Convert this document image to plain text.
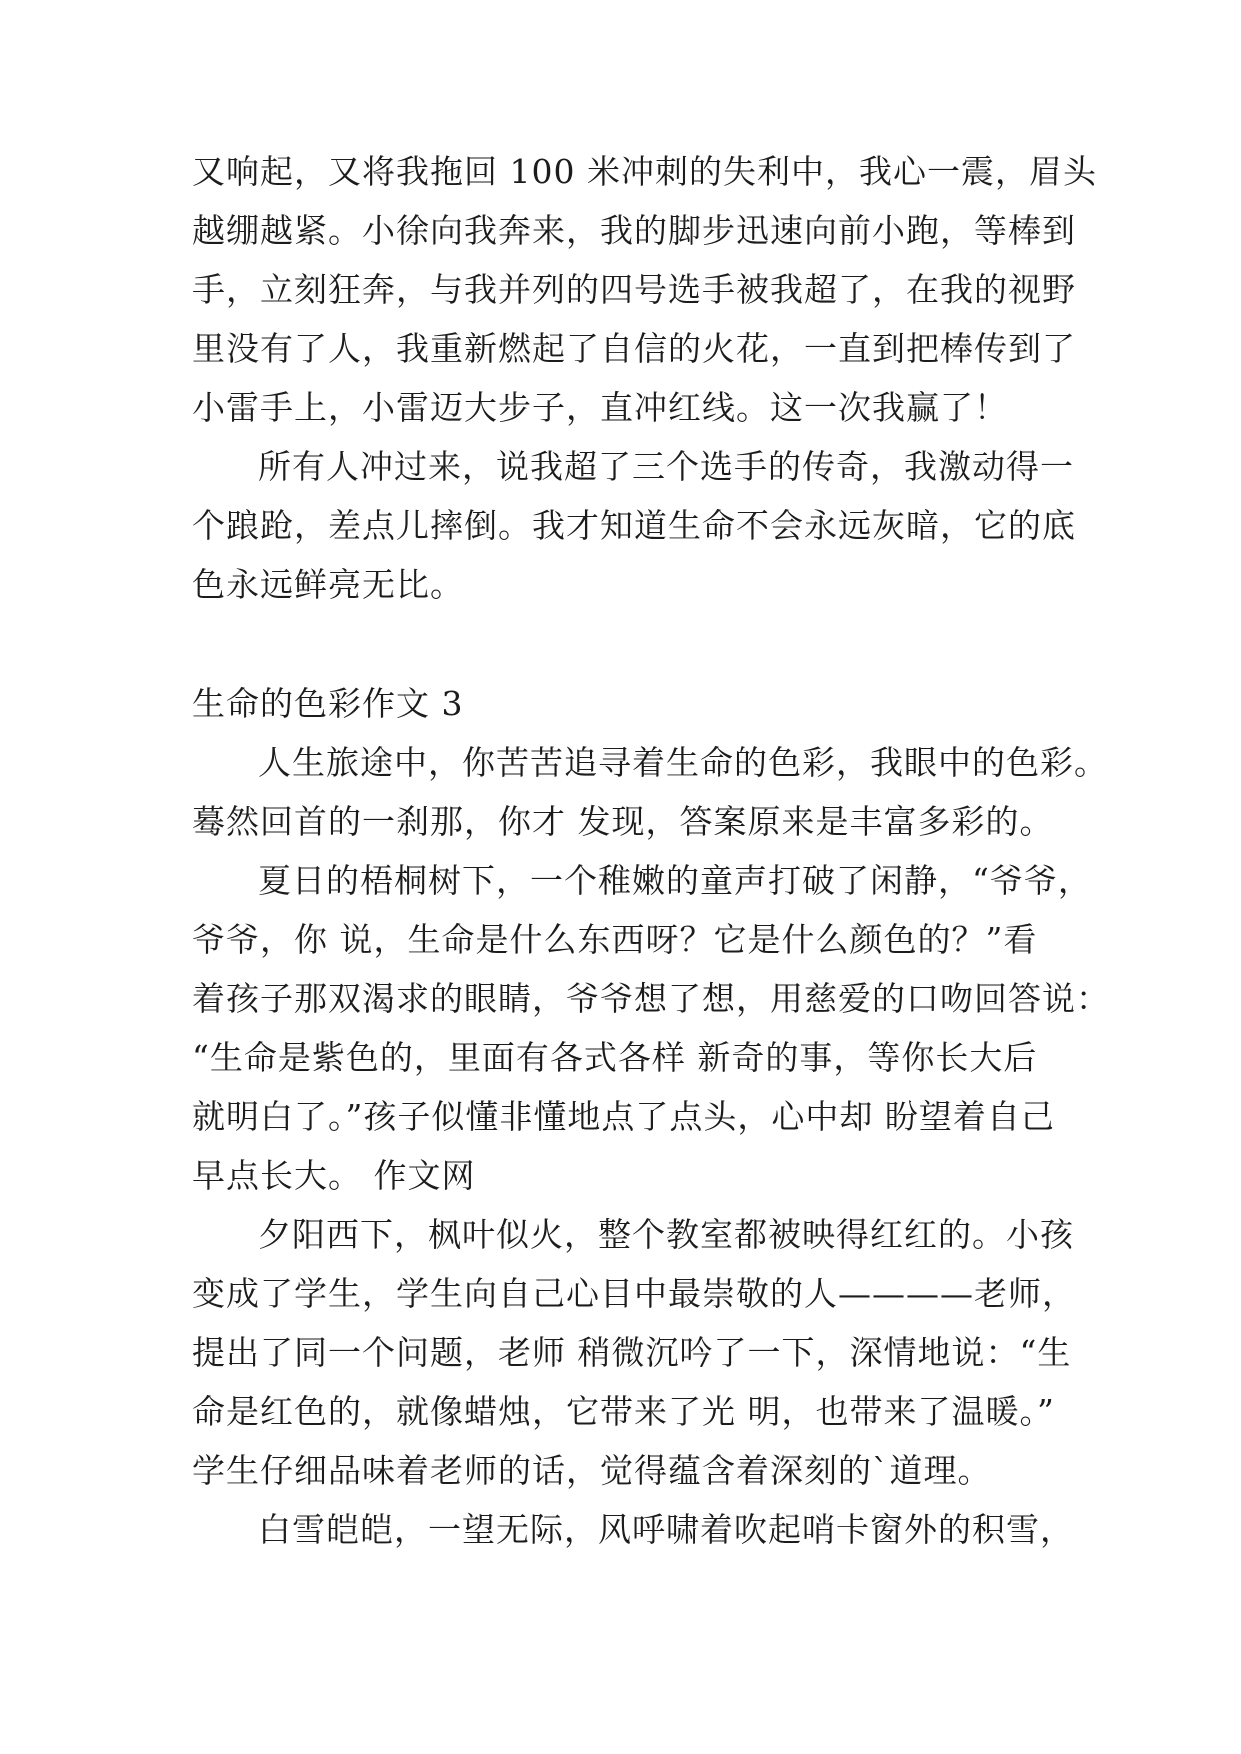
又响起，又将我拖回 100 米冲刺的失利中，我心一震，眉头
越绷越紧。小徐向我奔来，我的脚步迅速向前小跑，等棒到
手，立刻狂奔，与我并列的四号选手被我超了，在我的视野
里没有了人，我重新燃起了自信的火花，一直到把棒传到了
小雷手上，小雷迈大步子，直冲红线。这一次我赢了！
所有人冲过来，说我超了三个选手的传奇，我激动得一
个踉跄，差点儿摔倒。我才知道生命不会永远灰暗，它的底
色永远鲜亮无比。
生命的色彩作文 3
人生旅途中，你苦苦追寻着生命的色彩，我眼中的色彩。
蓦然回首的一刹那，你才 发现，答案原来是丰富多彩的。
夏日的梧桐树下，一个稚嫩的童声打破了闲静，“爷爷，
爷爷，你 说，生命是什么东西呀？它是什么颜色的？”看
着孩子那双渴求的眼睛，爷爷想了想，用慈爱的口吻回答说：
“生命是紫色的，里面有各式各样 新奇的事，等你长大后
就明白了。”孩子似懂非懂地点了点头，心中却 盼望着自己
早点长大。 作文网
夕阳西下，枫叶似火，整个教室都被映得红红的。小孩
变成了学生，学生向自己心目中最崇敬的人————老师，
提出了同一个问题，老师 稍微沉吟了一下，深情地说：“生
命是红色的，就像蜡烛，它带来了光 明，也带来了温暖。”
学生仔细品味着老师的话，觉得蕴含着深刻的`道理。
白雪皑皑，一望无际，风呼啸着吹起哨卡窗外的积雪，
